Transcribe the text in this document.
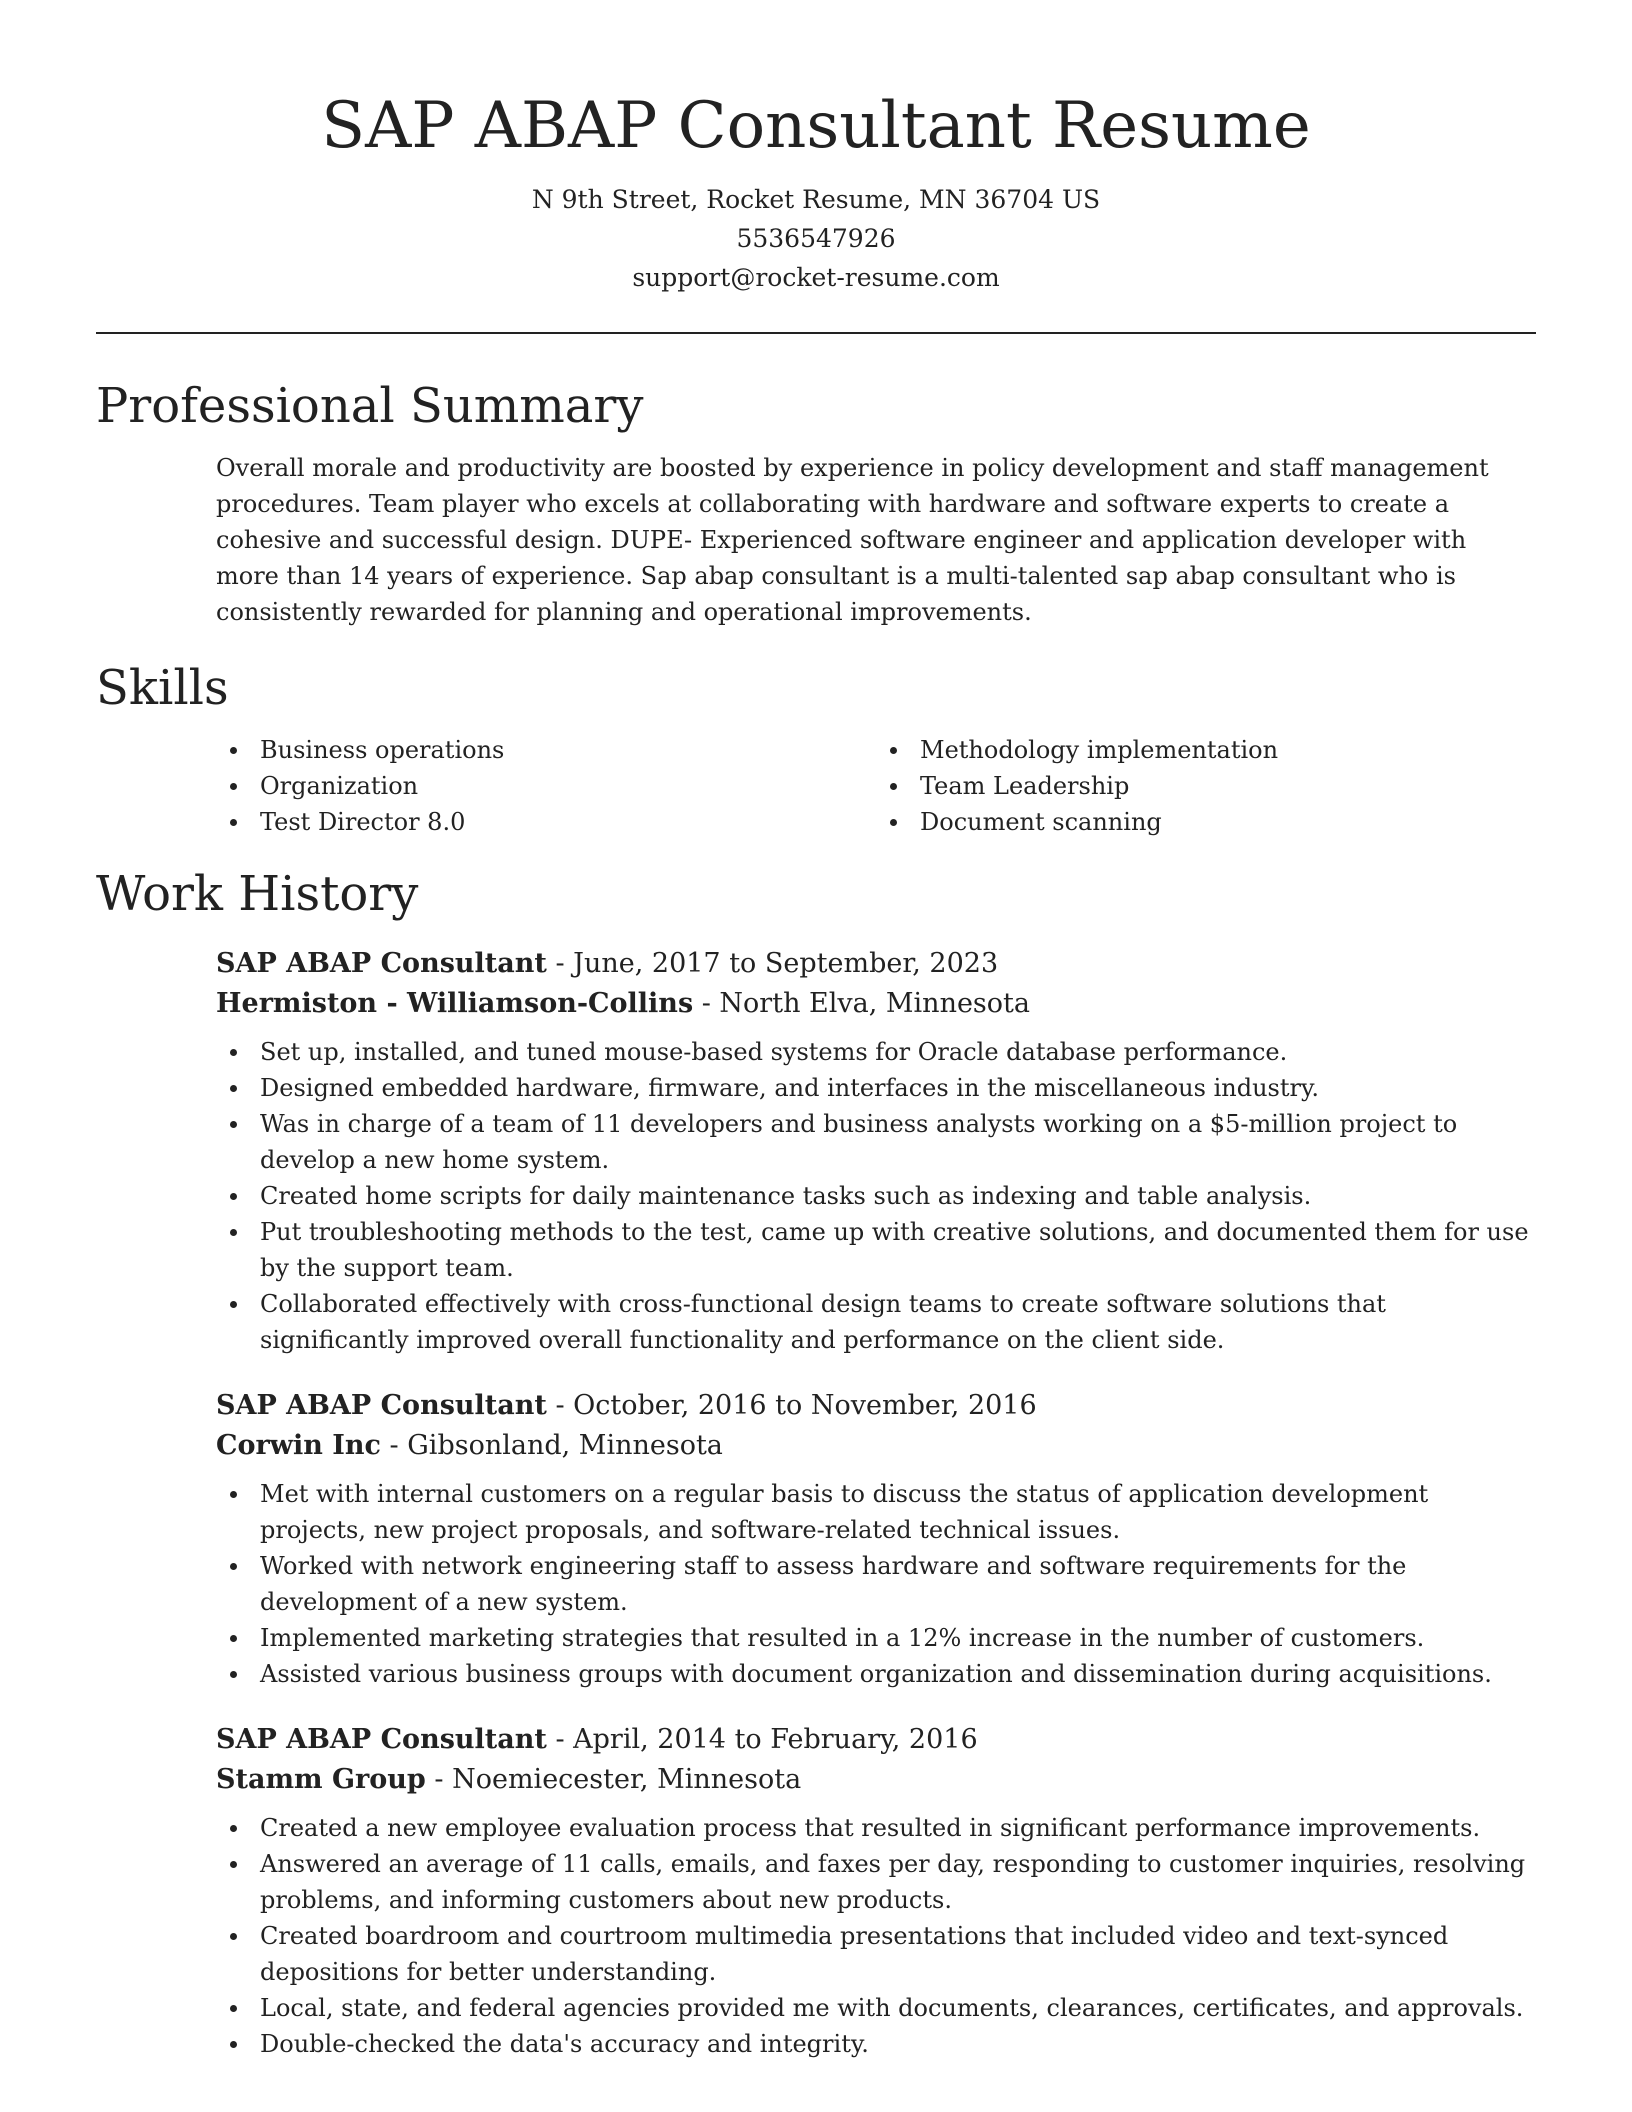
SAP ABAP Consultant Resume
N 9th Street, Rocket Resume, MN 36704 US
5536547926
support@rocket-resume.com
Professional Summary
Overall morale and productivity are boosted by experience in policy development and staff management procedures. Team player who excels at collaborating with hardware and software experts to create a cohesive and successful design. DUPE- Experienced software engineer and application developer with more than 14 years of experience. Sap abap consultant is a multi-talented sap abap consultant who is consistently rewarded for planning and operational improvements.
Skills
Business operations
Organization
Test Director 8.0
Methodology implementation
Team Leadership
Document scanning
Work History
SAP ABAP Consultant - June, 2017 to September, 2023
Hermiston - Williamson-Collins - North Elva, Minnesota
Set up, installed, and tuned mouse-based systems for Oracle database performance.
Designed embedded hardware, firmware, and interfaces in the miscellaneous industry.
Was in charge of a team of 11 developers and business analysts working on a $5-million project to develop a new home system.
Created home scripts for daily maintenance tasks such as indexing and table analysis.
Put troubleshooting methods to the test, came up with creative solutions, and documented them for use by the support team.
Collaborated effectively with cross-functional design teams to create software solutions that significantly improved overall functionality and performance on the client side.
SAP ABAP Consultant - October, 2016 to November, 2016
Corwin Inc - Gibsonland, Minnesota
Met with internal customers on a regular basis to discuss the status of application development projects, new project proposals, and software-related technical issues.
Worked with network engineering staff to assess hardware and software requirements for the development of a new system.
Implemented marketing strategies that resulted in a 12% increase in the number of customers.
Assisted various business groups with document organization and dissemination during acquisitions.
SAP ABAP Consultant - April, 2014 to February, 2016
Stamm Group - Noemiecester, Minnesota
Created a new employee evaluation process that resulted in significant performance improvements.
Answered an average of 11 calls, emails, and faxes per day, responding to customer inquiries, resolving problems, and informing customers about new products.
Created boardroom and courtroom multimedia presentations that included video and text-synced depositions for better understanding.
Local, state, and federal agencies provided me with documents, clearances, certificates, and approvals.
Double-checked the data's accuracy and integrity.
